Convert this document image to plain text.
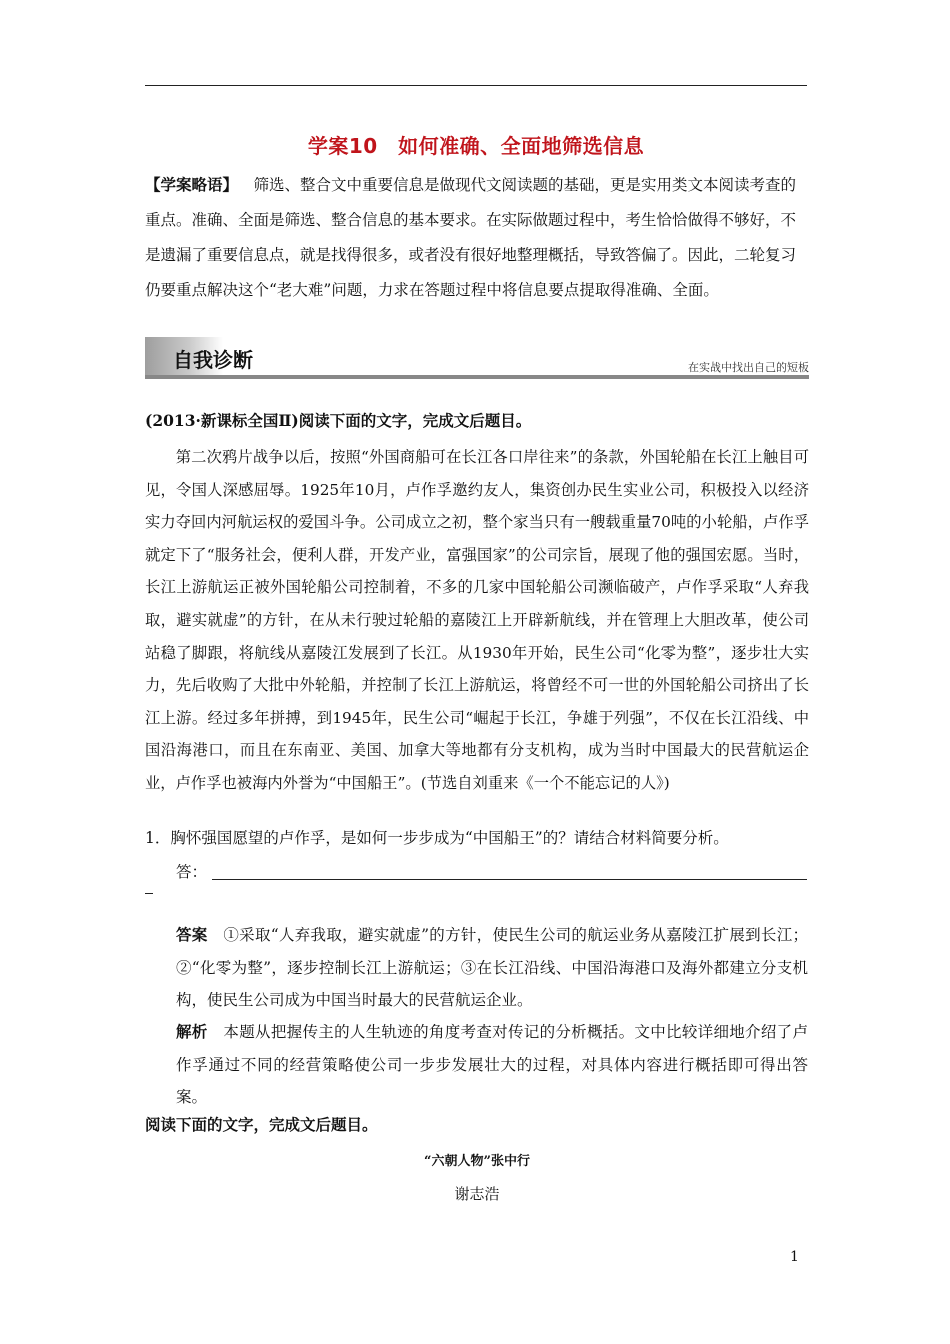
学案10　如何准确、全面地筛选信息
【学案略语】  筛选、整合文中重要信息是做现代文阅读题的基础，更是实用类文本阅读考查的重点。准确、全面是筛选、整合信息的基本要求。在实际做题过程中，考生恰恰做得不够好，不是遗漏了重要信息点，就是找得很多，或者没有很好地整理概括，导致答偏了。因此，二轮复习仍要重点解决这个“老大难”问题，力求在答题过程中将信息要点提取得准确、全面。
自我诊断	在实战中找出自己的短板
(2013·新课标全国Ⅱ)阅读下面的文字，完成文后题目。
  第二次鸦片战争以后，按照“外国商船可在长江各口岸往来”的条款，外国轮船在长江上触目可见，令国人深感屈辱。1925年10月，卢作孚邀约友人，集资创办民生实业公司，积极投入以经济实力夺回内河航运权的爱国斗争。公司成立之初，整个家当只有一艘载重量70吨的小轮船，卢作孚就定下了“服务社会，便利人群，开发产业，富强国家”的公司宗旨，展现了他的强国宏愿。当时，长江上游航运正被外国轮船公司控制着，不多的几家中国轮船公司濒临破产，卢作孚采取“人弃我取，避实就虚”的方针，在从未行驶过轮船的嘉陵江上开辟新航线，并在管理上大胆改革，使公司站稳了脚跟，将航线从嘉陵江发展到了长江。从1930年开始，民生公司“化零为整”，逐步壮大实力，先后收购了大批中外轮船，并控制了长江上游航运，将曾经不可一世的外国轮船公司挤出了长江上游。经过多年拼搏，到1945年，民生公司“崛起于长江，争雄于列强”，不仅在长江沿线、中国沿海港口，而且在东南亚、美国、加拿大等地都有分支机构，成为当时中国最大的民营航运企业，卢作孚也被海内外誉为“中国船王”。(节选自刘重来《一个不能忘记的人》)
1．胸怀强国愿望的卢作孚，是如何一步步成为“中国船王”的？请结合材料简要分析。
答：
答案  ①采取“人弃我取，避实就虚”的方针，使民生公司的航运业务从嘉陵江扩展到长江；②“化零为整”，逐步控制长江上游航运；③在长江沿线、中国沿海港口及海外都建立分支机构，使民生公司成为中国当时最大的民营航运企业。
解析  本题从把握传主的人生轨迹的角度考查对传记的分析概括。文中比较详细地介绍了卢作孚通过不同的经营策略使公司一步步发展壮大的过程，对具体内容进行概括即可得出答案。
阅读下面的文字，完成文后题目。
“六朝人物”张中行
谢志浩
1
